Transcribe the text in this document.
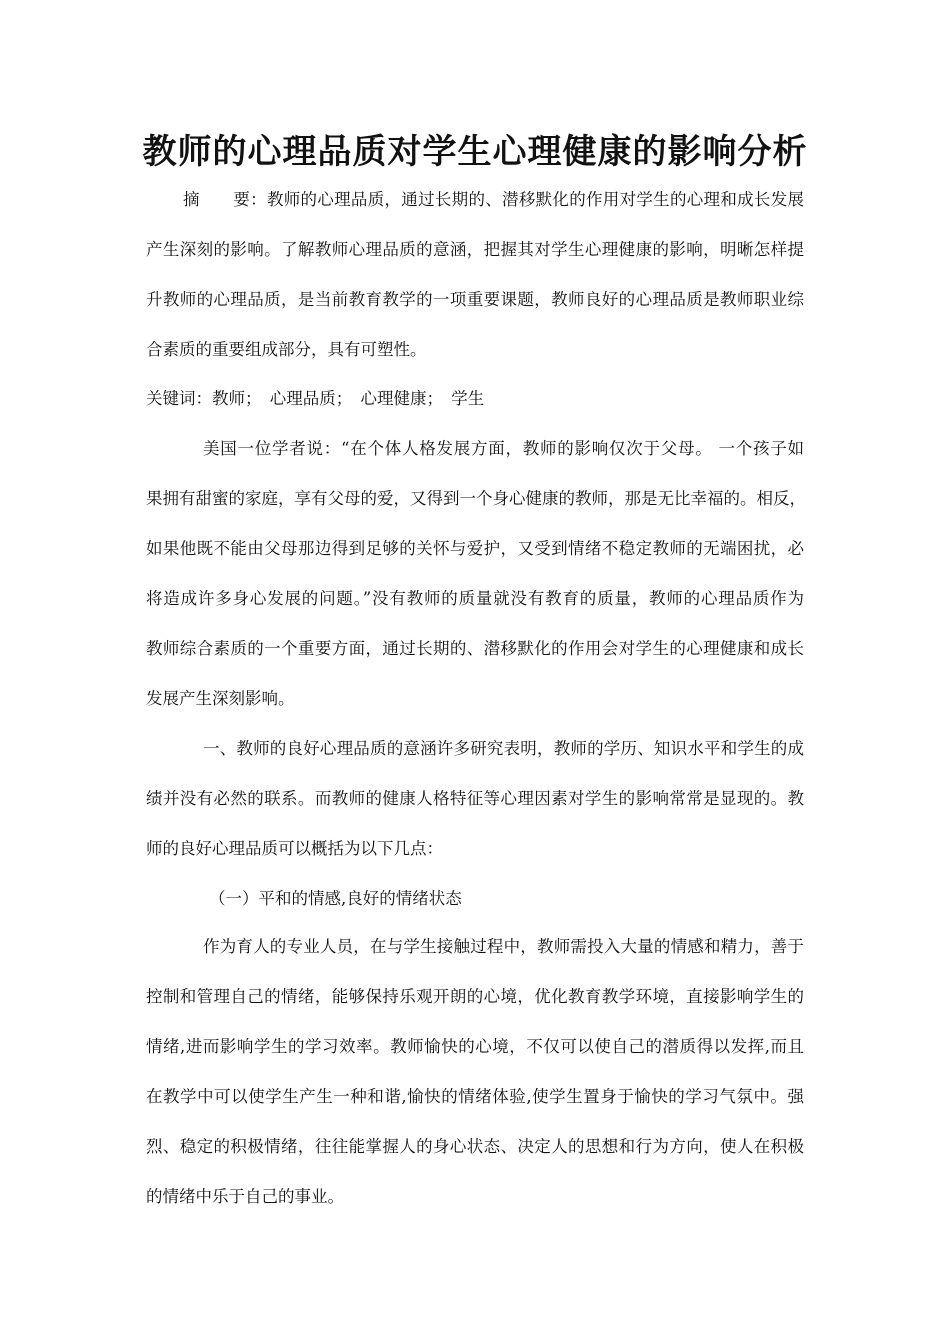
教师的心理品质对学生心理健康的影响分析

摘　　要：教师的心理品质，通过长期的、潜移默化的作用对学生的心理和成长发展

产生深刻的影响。了解教师心理品质的意涵，把握其对学生心理健康的影响，明晰怎样提

升教师的心理品质，是当前教育教学的一项重要课题，教师良好的心理品质是教师职业综

合素质的重要组成部分，具有可塑性。

关键词：教师；　心理品质；　心理健康；　学生

美国一位学者说：“在个体人格发展方面，教师的影响仅次于父母。 一个孩子如

果拥有甜蜜的家庭，享有父母的爱，又得到一个身心健康的教师，那是无比幸福的。相反，

如果他既不能由父母那边得到足够的关怀与爱护，又受到情绪不稳定教师的无端困扰，必

将造成许多身心发展的问题。”没有教师的质量就没有教育的质量，教师的心理品质作为

教师综合素质的一个重要方面，通过长期的、潜移默化的作用会对学生的心理健康和成长

发展产生深刻影响。

一、教师的良好心理品质的意涵许多研究表明，教师的学历、知识水平和学生的成

绩并没有必然的联系。而教师的健康人格特征等心理因素对学生的影响常常是显现的。教

师的良好心理品质可以概括为以下几点：

（一）平和的情感,良好的情绪状态

作为育人的专业人员，在与学生接触过程中，教师需投入大量的情感和精力，善于

控制和管理自己的情绪，能够保持乐观开朗的心境，优化教育教学环境，直接影响学生的

情绪,进而影响学生的学习效率。教师愉快的心境，不仅可以使自己的潜质得以发挥,而且

在教学中可以使学生产生一种和谐,愉快的情绪体验,使学生置身于愉快的学习气氛中。强

烈、稳定的积极情绪，往往能掌握人的身心状态、决定人的思想和行为方向，使人在积极

的情绪中乐于自己的事业。
